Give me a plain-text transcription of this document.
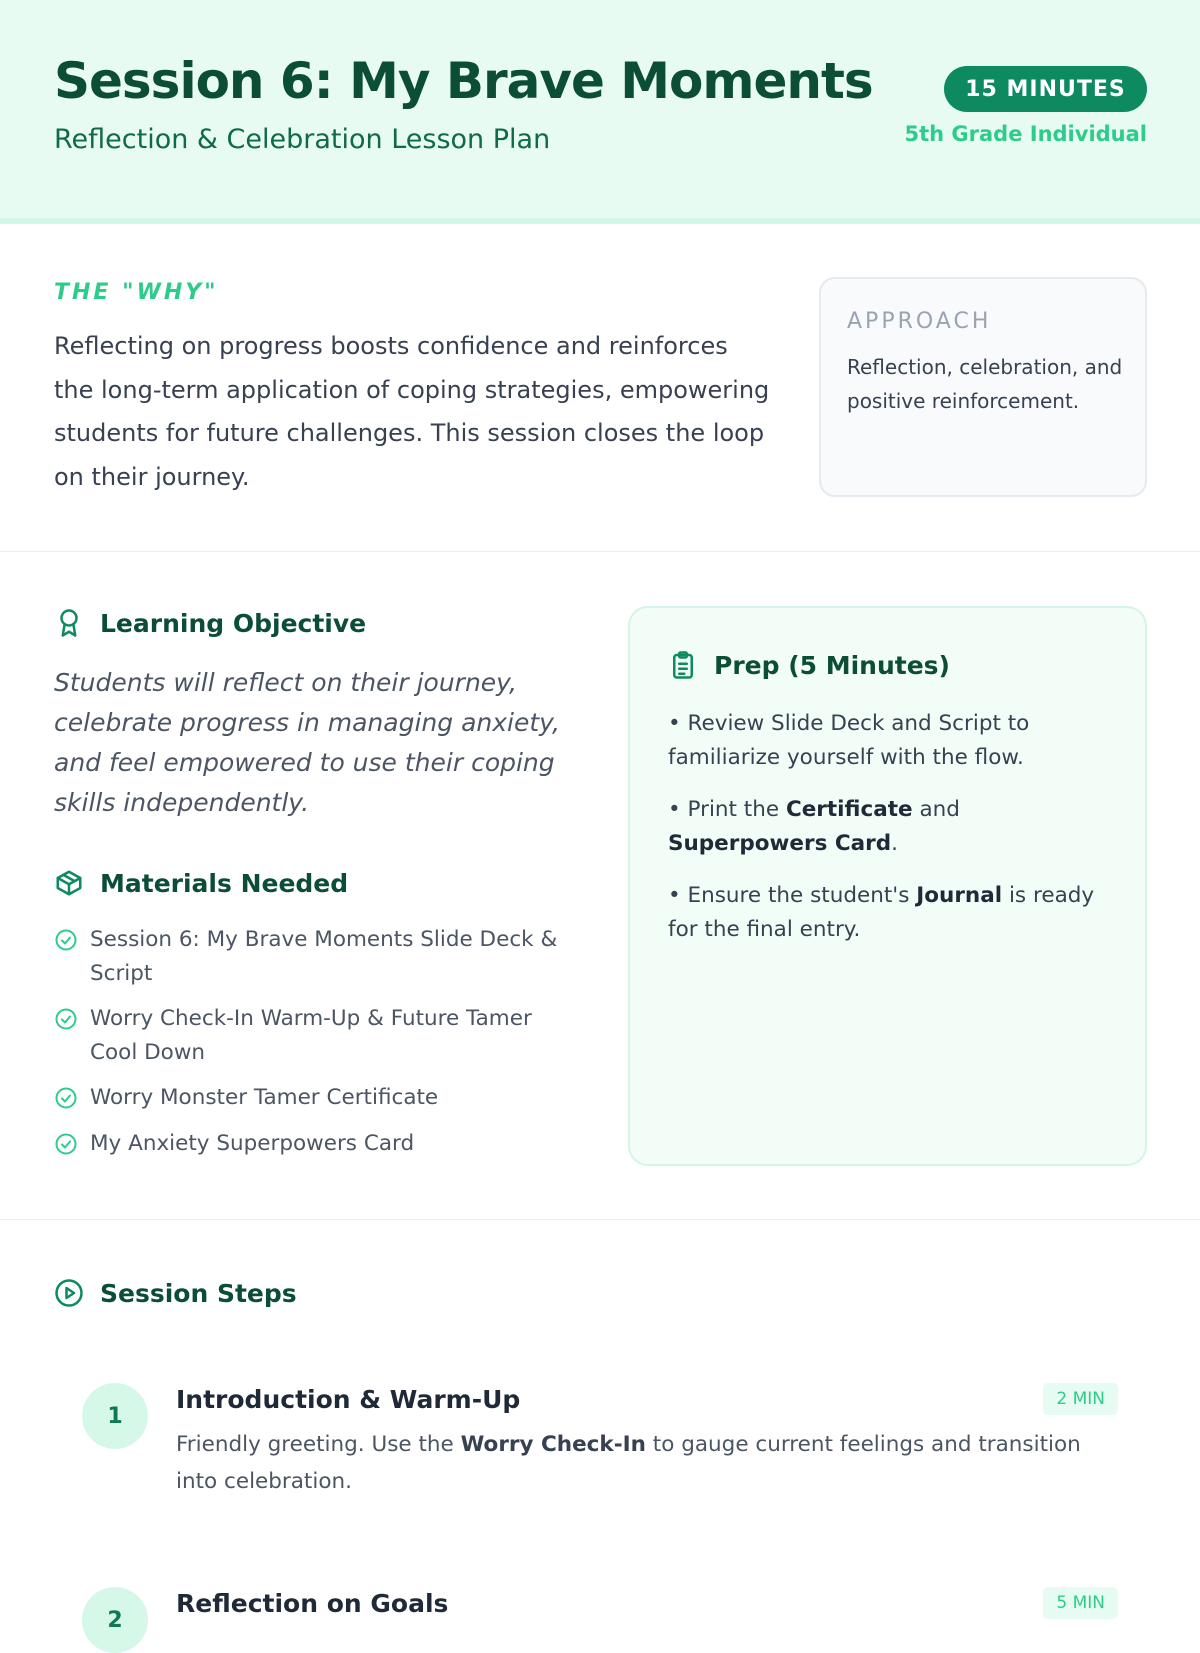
Session 6: My Brave Moments
Reflection & Celebration Lesson Plan
15 MINUTES
5th Grade Individual
THE "WHY"

Reflecting on progress boosts confidence and reinforces the long-term application of coping strategies, empowering students for future challenges. This session closes the loop on their journey.

APPROACH
Reflection, celebration, and positive reinforcement.
Learning Objective

Students will reflect on their journey, celebrate progress in managing anxiety, and feel empowered to use their coping skills independently.

Materials Needed
Session 6: My Brave Moments Slide Deck & Script
Worry Check-In Warm-Up & Future Tamer Cool Down
Worry Monster Tamer Certificate
My Anxiety Superpowers Card
Prep (5 Minutes)

• Review Slide Deck and Script to familiarize yourself with the flow.

• Print the Certificate and Superpowers Card.

• Ensure the student's Journal is ready for the final entry.

Session Steps
1
Introduction & Warm-Up	2 MIN

Friendly greeting. Use the Worry Check-In to gauge current feelings and transition into celebration.

2
Reflection on Goals	5 MIN
